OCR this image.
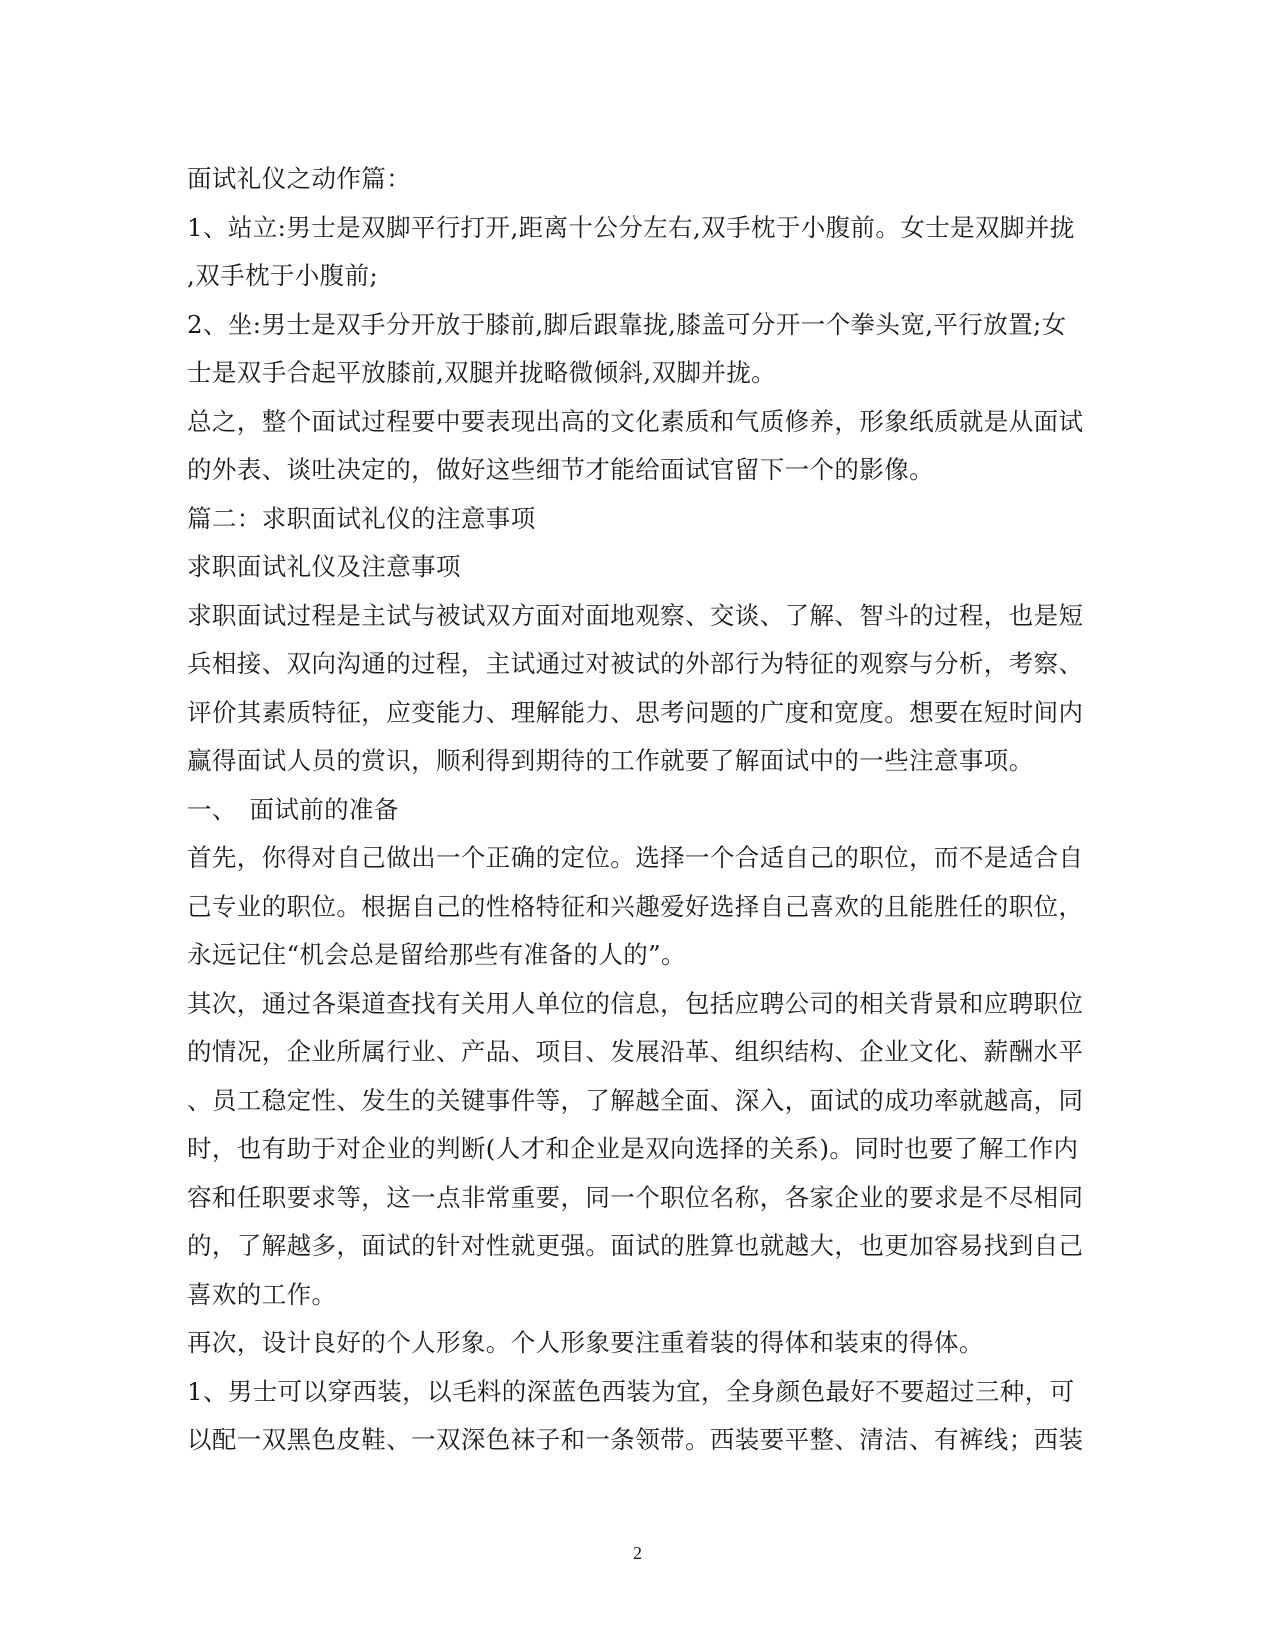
面试礼仪之动作篇：
1、站立:男士是双脚平行打开,距离十公分左右,双手枕于小腹前。女士是双脚并拢
,双手枕于小腹前;
2、坐:男士是双手分开放于膝前,脚后跟靠拢,膝盖可分开一个拳头宽,平行放置;女
士是双手合起平放膝前,双腿并拢略微倾斜,双脚并拢。
总之，整个面试过程要中要表现出高的文化素质和气质修养，形象纸质就是从面试
的外表、谈吐决定的，做好这些细节才能给面试官留下一个的影像。
篇二：求职面试礼仪的注意事项
求职面试礼仪及注意事项
求职面试过程是主试与被试双方面对面地观察、交谈、了解、智斗的过程，也是短
兵相接、双向沟通的过程，主试通过对被试的外部行为特征的观察与分析，考察、
评价其素质特征，应变能力、理解能力、思考问题的广度和宽度。想要在短时间内
赢得面试人员的赏识，顺利得到期待的工作就要了解面试中的一些注意事项。
一、　面试前的准备
首先，你得对自己做出一个正确的定位。选择一个合适自己的职位，而不是适合自
己专业的职位。根据自己的性格特征和兴趣爱好选择自己喜欢的且能胜任的职位，
永远记住“机会总是留给那些有准备的人的”。
其次，通过各渠道查找有关用人单位的信息，包括应聘公司的相关背景和应聘职位
的情况，企业所属行业、产品、项目、发展沿革、组织结构、企业文化、薪酬水平
、员工稳定性、发生的关键事件等，了解越全面、深入，面试的成功率就越高，同
时，也有助于对企业的判断(人才和企业是双向选择的关系)。同时也要了解工作内
容和任职要求等，这一点非常重要，同一个职位名称，各家企业的要求是不尽相同
的，了解越多，面试的针对性就更强。面试的胜算也就越大，也更加容易找到自己
喜欢的工作。
再次，设计良好的个人形象。个人形象要注重着装的得体和装束的得体。
1、男士可以穿西装，以毛料的深蓝色西装为宜，全身颜色最好不要超过三种，可
以配一双黑色皮鞋、一双深色袜子和一条领带。西装要平整、清洁、有裤线；西装
2
